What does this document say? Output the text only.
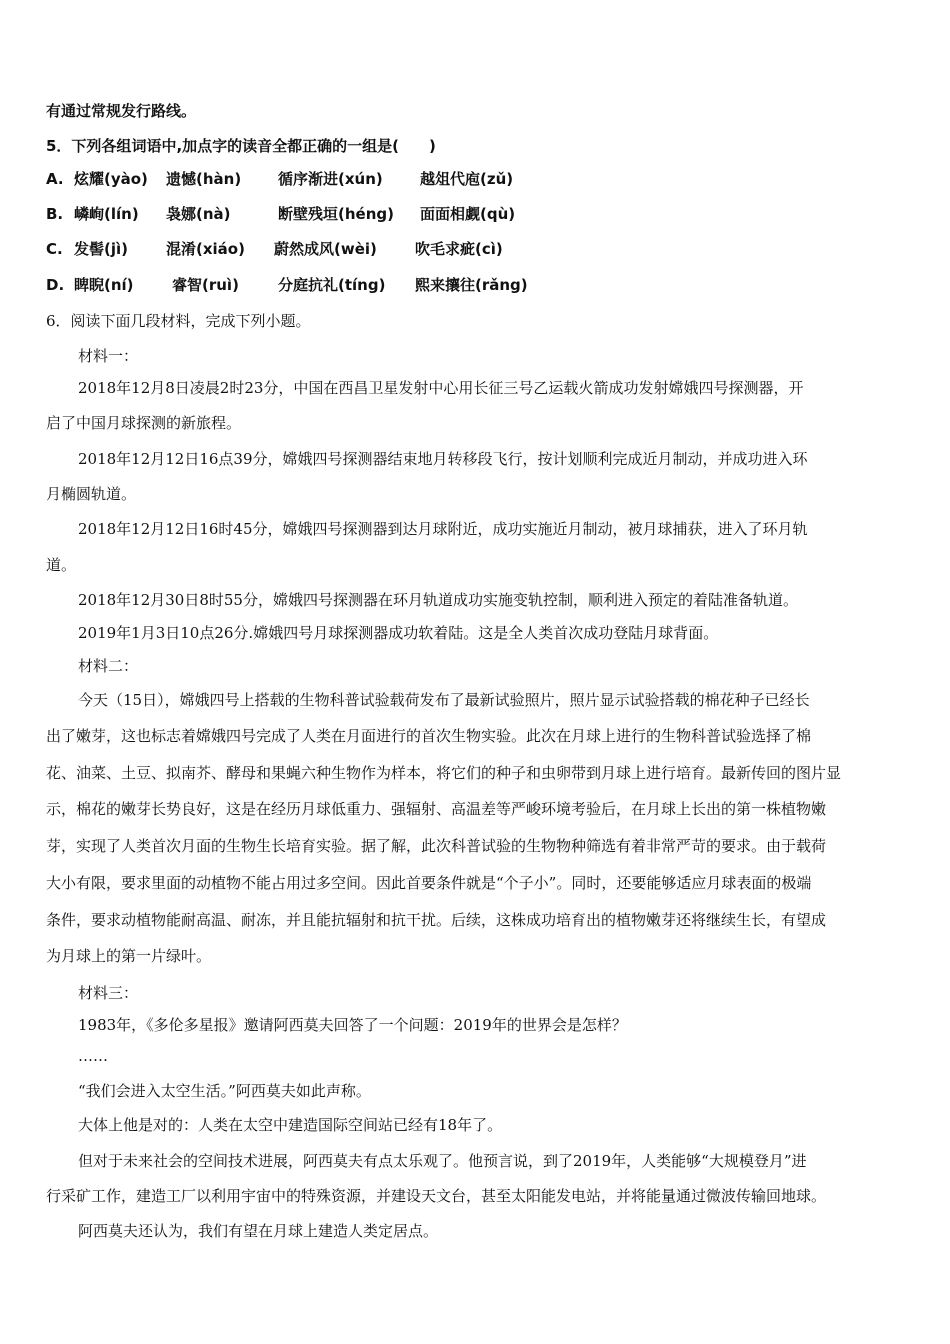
有通过常规发行路线。
5．下列各组词语中,加点字的读音全都正确的一组是(　　)
A. 炫耀(yào) 遗憾(hàn) 循序渐进(xún) 越俎代庖(zǔ)
B. 嶙峋(lín) 袅娜(nà)	断壁残垣(héng) 面面相觑(qù)
C. 发髻(jì)	混淆(xiáo) 蔚然成风(wèi)	吹毛求疵(cì)
D. 睥睨(ní)	睿智(ruì)	分庭抗礼(tíng) 熙来攘往(rǎng)
6．阅读下面几段材料，完成下列小题。
材料一：
2018年12月8日凌晨2时23分，中国在西昌卫星发射中心用长征三号乙运载火箭成功发射嫦娥四号探测器，开
启了中国月球探测的新旅程。
2018年12月12日16点39分，嫦娥四号探测器结束地月转移段飞行，按计划顺利完成近月制动，并成功进入环
月椭圆轨道。
2018年12月12日16时45分，嫦娥四号探测器到达月球附近，成功实施近月制动，被月球捕获，进入了环月轨
道。
2018年12月30日8时55分，嫦娥四号探测器在环月轨道成功实施变轨控制，顺利进入预定的着陆准备轨道。
2019年1月3日10点26分.嫦娥四号月球探测器成功软着陆。这是全人类首次成功登陆月球背面。
材料二：
今天（15日），嫦娥四号上搭载的生物科普试验载荷发布了最新试验照片，照片显示试验搭载的棉花种子已经长
出了嫩芽，这也标志着嫦娥四号完成了人类在月面进行的首次生物实验。此次在月球上进行的生物科普试验选择了棉
花、油菜、土豆、拟南芥、酵母和果蝇六种生物作为样本，将它们的种子和虫卵带到月球上进行培育。最新传回的图片显
示，棉花的嫩芽长势良好，这是在经历月球低重力、强辐射、高温差等严峻环境考验后，在月球上长出的第一株植物嫩
芽，实现了人类首次月面的生物生长培育实验。据了解，此次科普试验的生物物种筛选有着非常严苛的要求。由于载荷
大小有限，要求里面的动植物不能占用过多空间。因此首要条件就是“个子小”。同时，还要能够适应月球表面的极端
条件，要求动植物能耐高温、耐冻，并且能抗辐射和抗干扰。后续，这株成功培育出的植物嫩芽还将继续生长，有望成
为月球上的第一片绿叶。
材料三：
1983年，《多伦多星报》邀请阿西莫夫回答了一个问题：2019年的世界会是怎样？
……
“我们会进入太空生活。”阿西莫夫如此声称。
大体上他是对的：人类在太空中建造国际空间站已经有18年了。
但对于未来社会的空间技术进展，阿西莫夫有点太乐观了。他预言说，到了2019年，人类能够“大规模登月”进
行采矿工作，建造工厂以利用宇宙中的特殊资源，并建设天文台，甚至太阳能发电站，并将能量通过微波传输回地球。
阿西莫夫还认为，我们有望在月球上建造人类定居点。
